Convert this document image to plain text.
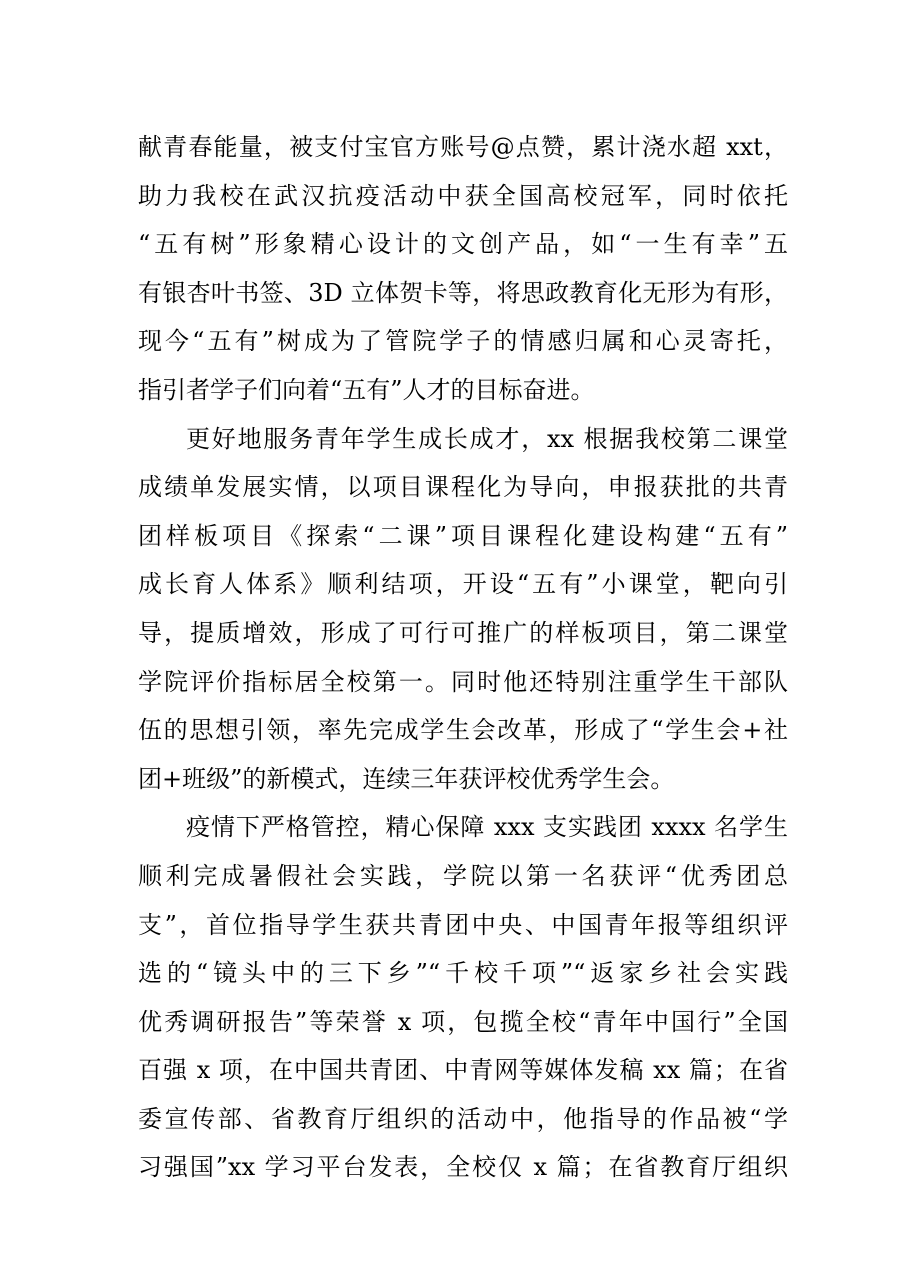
献青春能量，被支付宝官方账号@点赞，累计浇水超 xxt，
助力我校在武汉抗疫活动中获全国高校冠军，同时依托
“五有树”形象精心设计的文创产品，如“一生有幸”五
有银杏叶书签、3D 立体贺卡等，将思政教育化无形为有形，
现今“五有”树成为了管院学子的情感归属和心灵寄托，
指引者学子们向着“五有”人才的目标奋进。
更好地服务青年学生成长成才，xx 根据我校第二课堂
成绩单发展实情，以项目课程化为导向，申报获批的共青
团样板项目《探索“二课”项目课程化建设构建“五有”
成长育人体系》顺利结项，开设“五有”小课堂，靶向引
导，提质增效，形成了可行可推广的样板项目，第二课堂
学院评价指标居全校第一。同时他还特别注重学生干部队
伍的思想引领，率先完成学生会改革，形成了“学生会+社
团+班级”的新模式，连续三年获评校优秀学生会。
疫情下严格管控，精心保障 xxx 支实践团 xxxx 名学生
顺利完成暑假社会实践，学院以第一名获评“优秀团总
支”，首位指导学生获共青团中央、中国青年报等组织评
选的“镜头中的三下乡”“千校千项”“返家乡社会实践
优秀调研报告”等荣誉 x 项，包揽全校“青年中国行”全国
百强 x 项，在中国共青团、中青网等媒体发稿 xx 篇；在省
委宣传部、省教育厅组织的活动中，他指导的作品被“学
习强国”xx 学习平台发表，全校仅 x 篇；在省教育厅组织
